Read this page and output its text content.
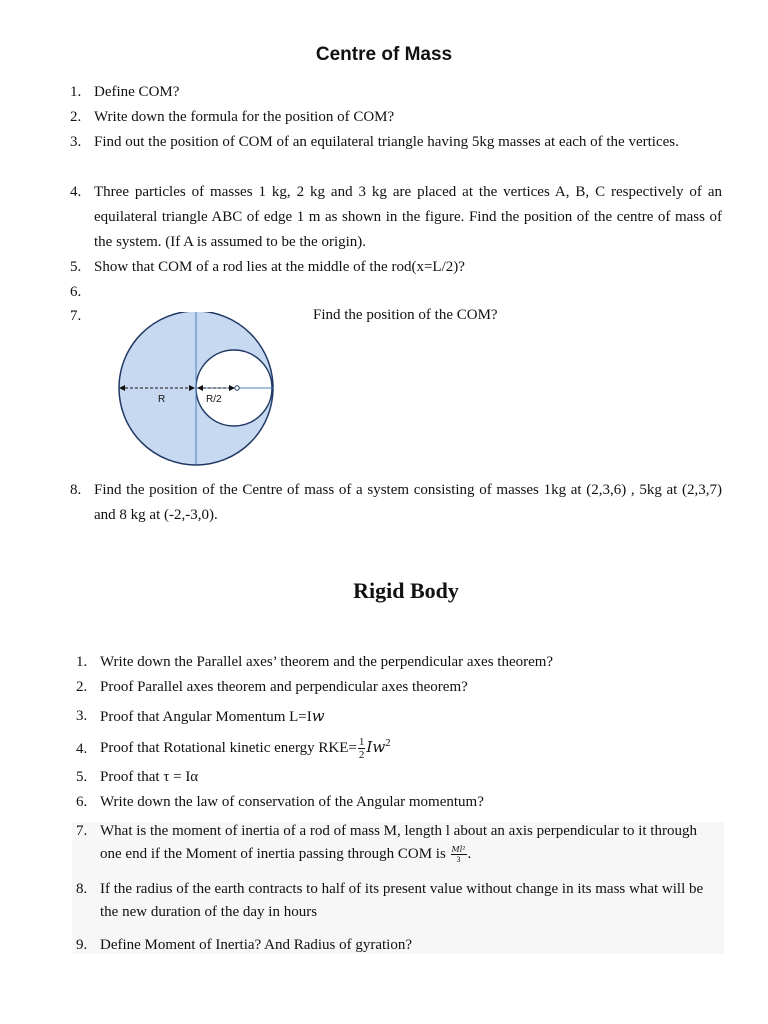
Centre of Mass
1. Define COM?
2. Write down the formula for the position of COM?
3. Find out the position of COM of an equilateral triangle having 5kg masses at each of the vertices.
4. Three particles of masses 1 kg, 2 kg and 3 kg are placed at the vertices A, B, C respectively of an equilateral triangle ABC of edge 1 m as shown in the figure. Find the position of the centre of mass of the system. (If A is assumed to be the origin).
5. Show that COM of a rod lies at the middle of the rod(x=L/2)?
6.
7.	Find the position of the COM?
R	R/2
8. Find the position of the Centre of mass of a system consisting of masses 1kg at (2,3,6) , 5kg at (2,3,7) and 8 kg at (-2,-3,0).
Rigid Body
1. Write down the Parallel axes’ theorem and the perpendicular axes theorem?
2. Proof Parallel axes theorem and perpendicular axes theorem?
3. Proof that Angular Momentum L=Iw
4. Proof that Rotational kinetic energy $RKE= \frac{1}{2} Iw^2$
5. Proof that τ = Iα
6. Write down the law of conservation of the Angular momentum?
7. What is the moment of inertia of a rod of mass M, length l about an axis perpendicular to it through one end if the Moment of inertia passing through COM is $\frac{\text{Ml²}}{3}$ .
8. If the radius of the earth contracts to half of its present value without change in its mass what will be the new duration of the day in hours
9. Define Moment of Inertia? And Radius of gyration?
